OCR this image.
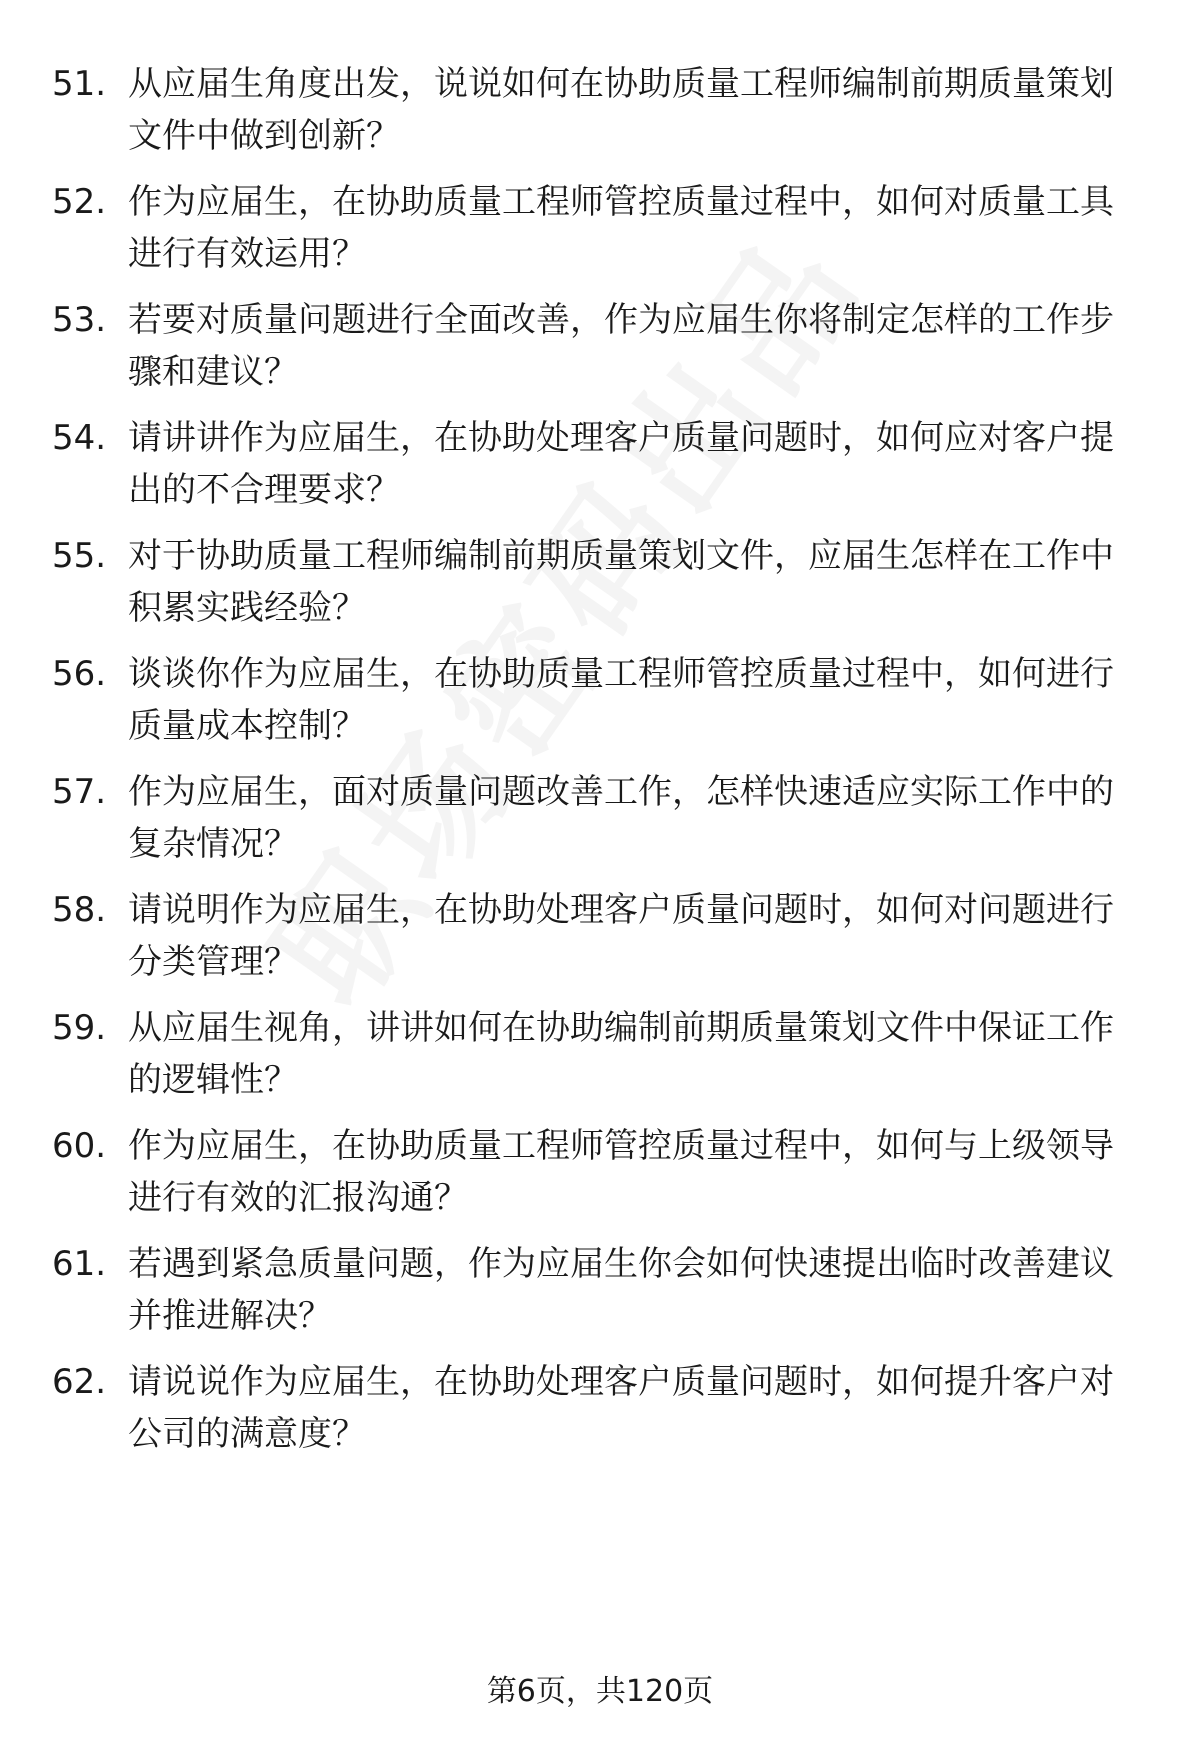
51. 从应届生角度出发，说说如何在协助质量工程师编制前期质量策划文件中做到创新？
52. 作为应届生，在协助质量工程师管控质量过程中，如何对质量工具进行有效运用？
53. 若要对质量问题进行全面改善，作为应届生你将制定怎样的工作步骤和建议？
54. 请讲讲作为应届生，在协助处理客户质量问题时，如何应对客户提出的不合理要求？
55. 对于协助质量工程师编制前期质量策划文件，应届生怎样在工作中积累实践经验？
56. 谈谈你作为应届生，在协助质量工程师管控质量过程中，如何进行质量成本控制？
57. 作为应届生，面对质量问题改善工作，怎样快速适应实际工作中的复杂情况？
58. 请说明作为应届生，在协助处理客户质量问题时，如何对问题进行分类管理？
59. 从应届生视角，讲讲如何在协助编制前期质量策划文件中保证工作的逻辑性？
60. 作为应届生，在协助质量工程师管控质量过程中，如何与上级领导进行有效的汇报沟通？
61. 若遇到紧急质量问题，作为应届生你会如何快速提出临时改善建议并推进解决？
62. 请说说作为应届生，在协助处理客户质量问题时，如何提升客户对公司的满意度？
第6页，共120页
